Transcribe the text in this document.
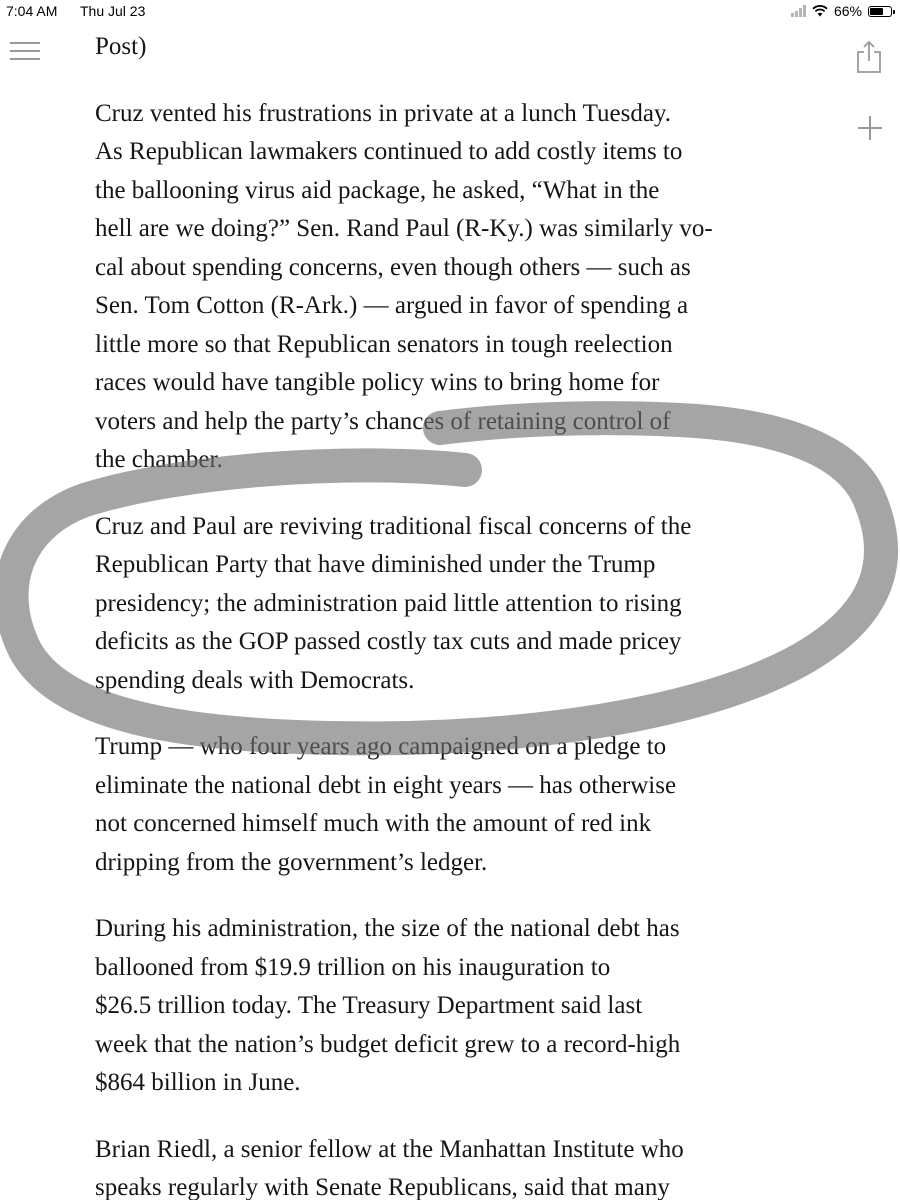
7:04 AM Thu Jul 23	66%

Post)

Cruz vented his frustrations in private at a lunch Tuesday.
As Republican lawmakers continued to add costly items to
the ballooning virus aid package, he asked, “What in the
hell are we doing?” Sen. Rand Paul (R-Ky.) was similarly vo-
cal about spending concerns, even though others — such as
Sen. Tom Cotton (R-Ark.) — argued in favor of spending a
little more so that Republican senators in tough reelection
races would have tangible policy wins to bring home for
voters and help the party’s chances of retaining control of
the chamber.

Cruz and Paul are reviving traditional fiscal concerns of the
Republican Party that have diminished under the Trump
presidency; the administration paid little attention to rising
deficits as the GOP passed costly tax cuts and made pricey
spending deals with Democrats.

Trump — who four years ago campaigned on a pledge to
eliminate the national debt in eight years — has otherwise
not concerned himself much with the amount of red ink
dripping from the government’s ledger.

During his administration, the size of the national debt has
ballooned from $19.9 trillion on his inauguration to
$26.5 trillion today. The Treasury Department said last
week that the nation’s budget deficit grew to a record-high
$864 billion in June.

Brian Riedl, a senior fellow at the Manhattan Institute who
speaks regularly with Senate Republicans, said that many
